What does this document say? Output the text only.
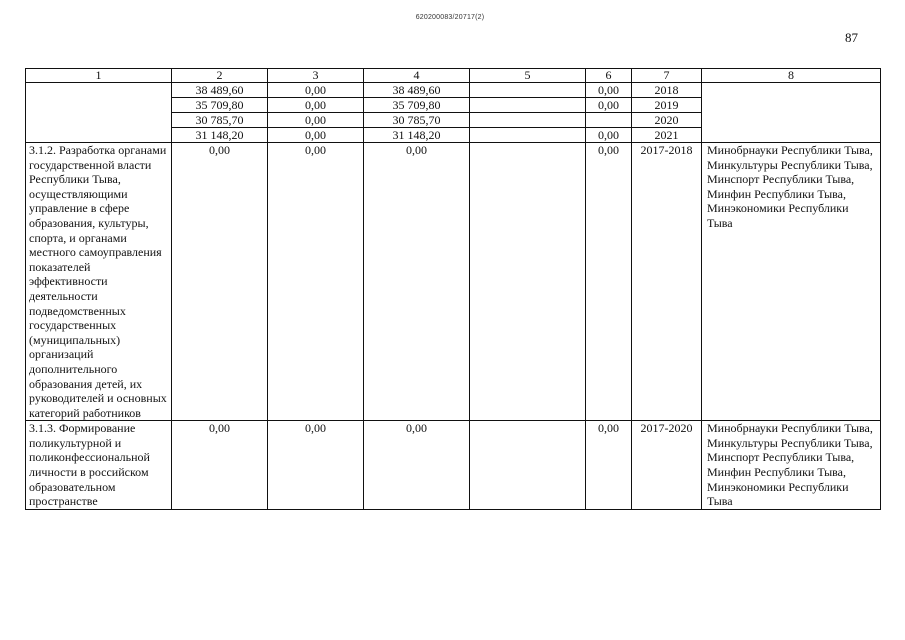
620200083/20717(2)
87
1	2	3	4	5	6	7	8
	38 489,60	0,00	38 489,60		0,00	2018	
	35 709,80	0,00	35 709,80		0,00	2019	
	30 785,70	0,00	30 785,70			2020	
	31 148,20	0,00	31 148,20		0,00	2021	
3.1.2. Разработка органами государственной власти Республики Тыва, осуществляющими управление в сфере образования, культуры, спорта, и органами местного самоуправления показателей эффективности деятельности подведомственных государственных (муниципальных) организаций дополнительного образования детей, их руководителей и основных категорий работников	0,00	0,00	0,00		0,00	2017-2018	Минобрнауки Республики Тыва, Минкультуры Республики Тыва, Минспорт Республики Тыва, Минфин Республики Тыва, Минэкономики Республики Тыва
3.1.3. Формирование поликультурной и поликонфессиональной личности в российском образовательном пространстве	0,00	0,00	0,00		0,00	2017-2020	Минобрнауки Республики Тыва, Минкультуры Республики Тыва, Минспорт Республики Тыва, Минфин Республики Тыва, Минэкономики Республики Тыва
